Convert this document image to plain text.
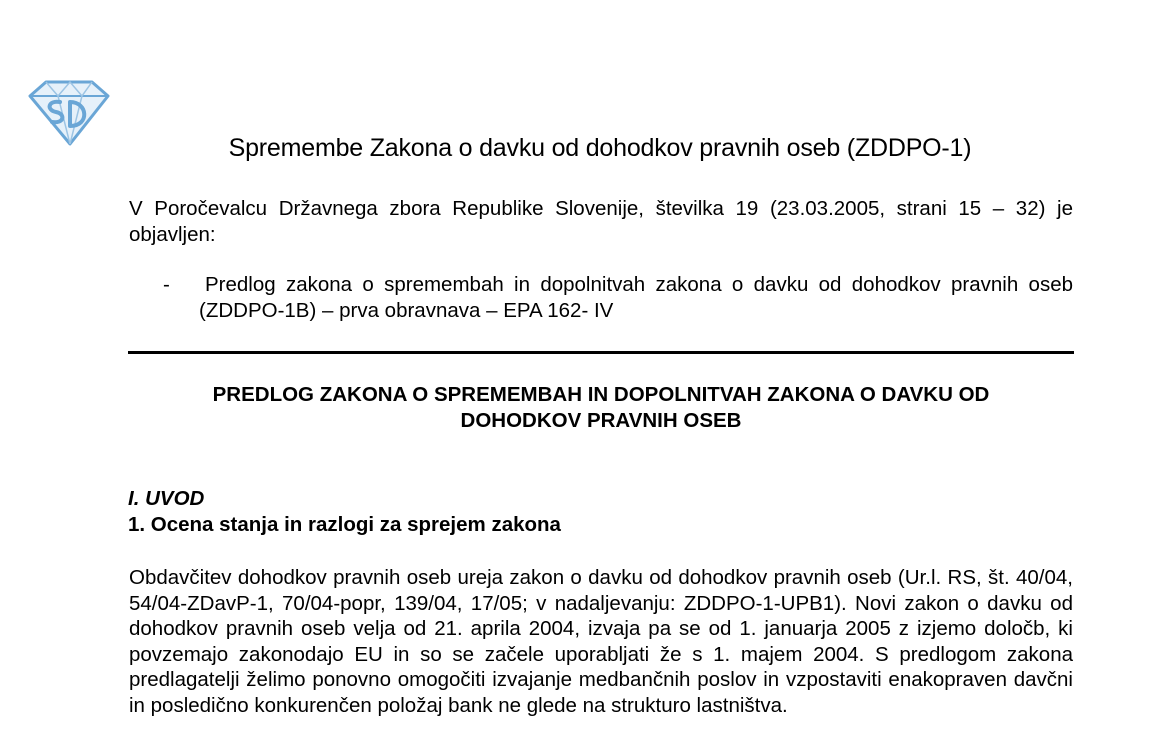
Spremembe Zakona o davku od dohodkov pravnih oseb (ZDDPO-1)
V Poročevalcu Državnega zbora Republike Slovenije, številka 19 (23.03.2005, strani 15 – 32) je objavljen:
- Predlog zakona o spremembah in dopolnitvah zakona o davku od dohodkov pravnih oseb (ZDDPO-1B) – prva obravnava – EPA 162- IV
PREDLOG ZAKONA O SPREMEMBAH IN DOPOLNITVAH ZAKONA O DAVKU OD
DOHODKOV PRAVNIH OSEB
I. UVOD
1. Ocena stanja in razlogi za sprejem zakona
Obdavčitev dohodkov pravnih oseb ureja zakon o davku od dohodkov pravnih oseb (Ur.l. RS, št. 40/04, 54/04-ZDavP-1, 70/04-popr, 139/04, 17/05; v nadaljevanju: ZDDPO-1-UPB1). Novi zakon o davku od dohodkov pravnih oseb velja od 21. aprila 2004, izvaja pa se od 1. januarja 2005 z izjemo določb, ki povzemajo zakonodajo EU in so se začele uporabljati že s 1. majem 2004. S predlogom zakona predlagatelji želimo ponovno omogočiti izvajanje medbančnih poslov in vzpostaviti enakopraven davčni in posledično konkurenčen položaj bank ne glede na strukturo lastništva.
